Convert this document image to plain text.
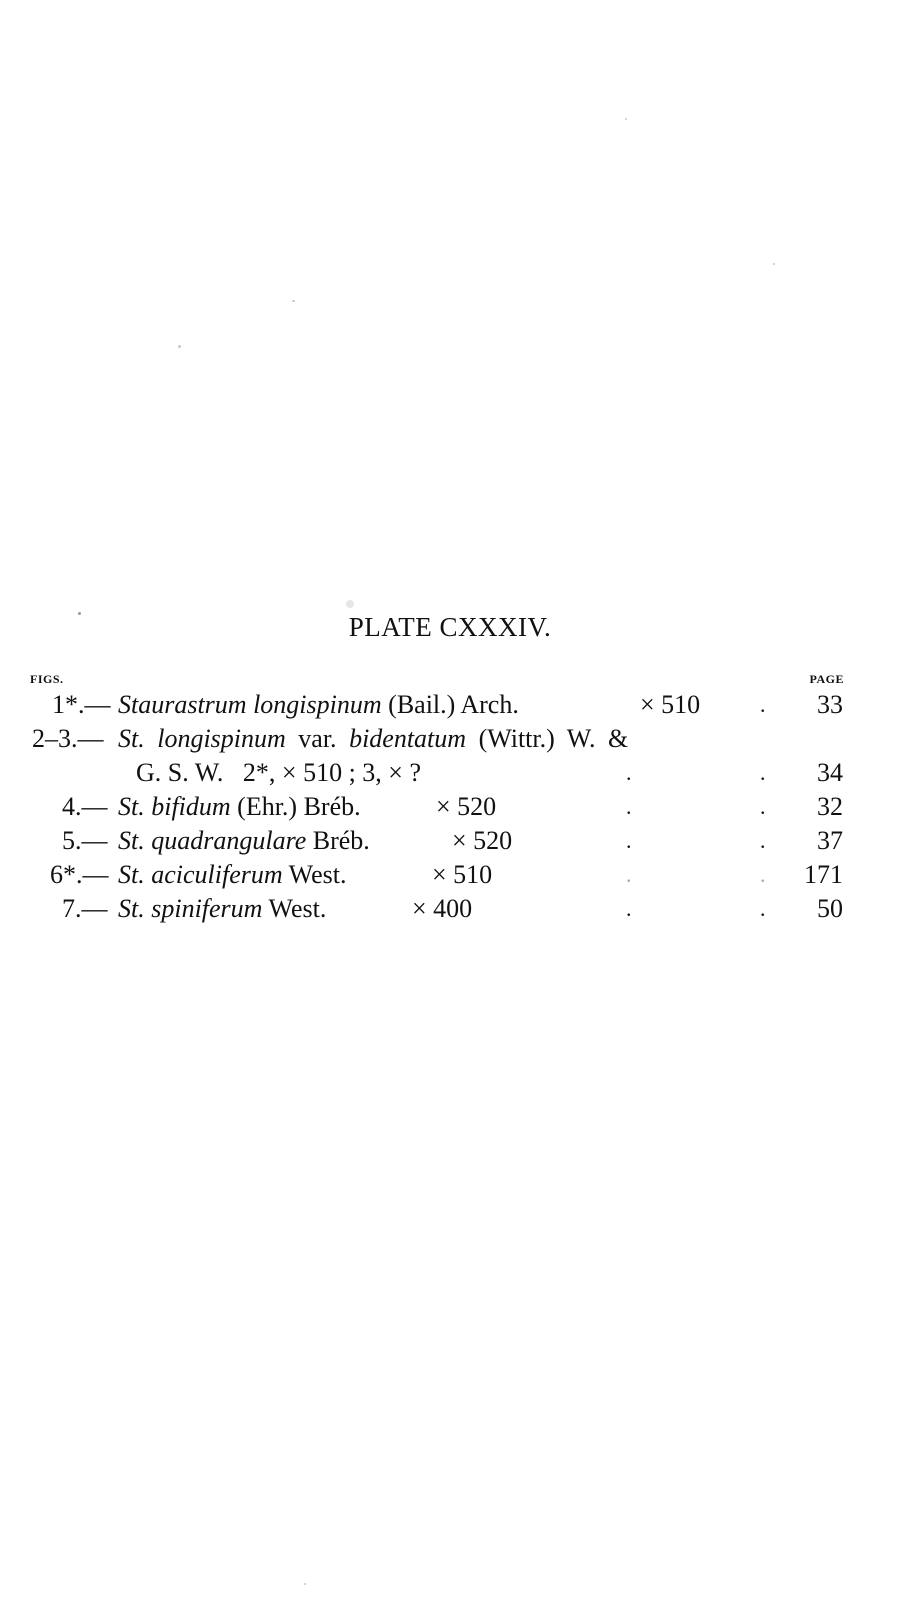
PLATE CXXXIV.
FIGS.	PAGE
1*.— Staurastrum longispinum (Bail.) Arch.	× 510	. 33
2–3.— St. longispinum var. bidentatum (Wittr.) W. &
G. S. W.   2*, × 510 ; 3, × ?	.	. 34
4.— St. bifidum (Ehr.) Bréb.	× 520	.	. 32
5.— St. quadrangulare Bréb.	× 520	.	. 37
6*.— St. aciculiferum West.	× 510	.	. 171
7.— St. spiniferum West.	× 400	.	. 50
